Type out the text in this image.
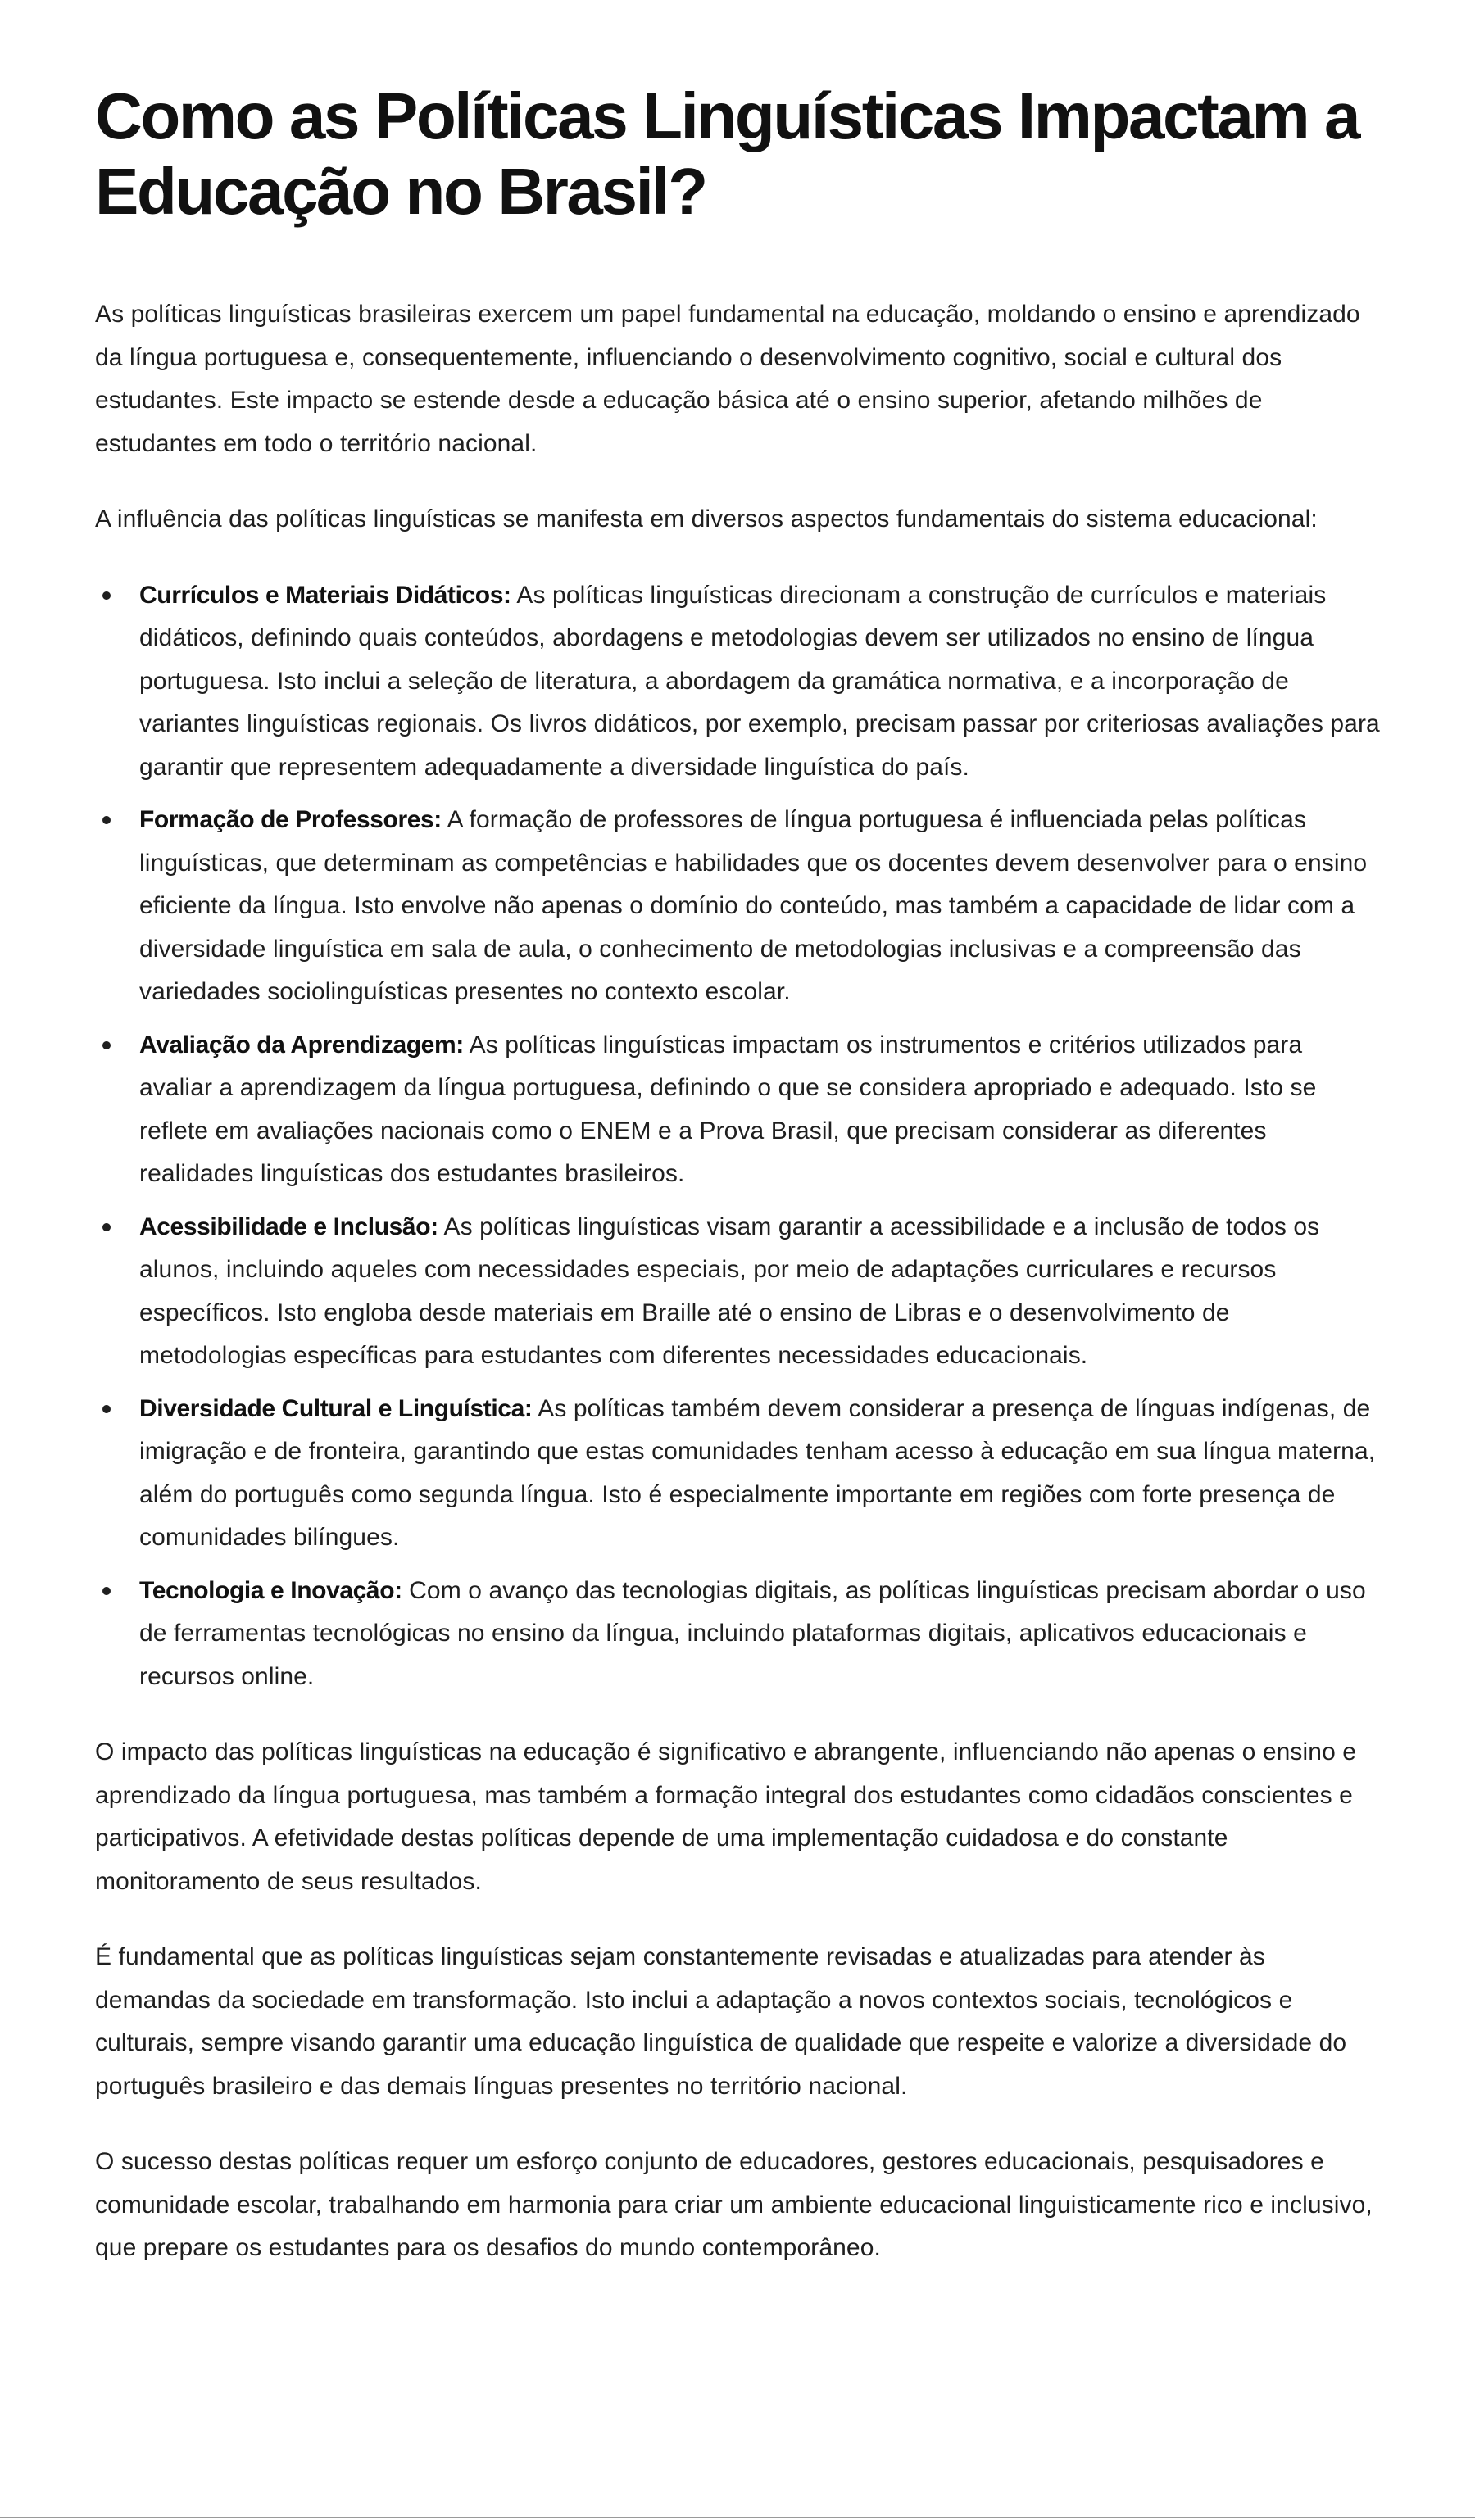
Como as Políticas Linguísticas Impactam a Educação no Brasil?

As políticas linguísticas brasileiras exercem um papel fundamental na educação, moldando o ensino e aprendizado da língua portuguesa e, consequentemente, influenciando o desenvolvimento cognitivo, social e cultural dos estudantes. Este impacto se estende desde a educação básica até o ensino superior, afetando milhões de estudantes em todo o território nacional.

A influência das políticas linguísticas se manifesta em diversos aspectos fundamentais do sistema educacional:

Currículos e Materiais Didáticos: As políticas linguísticas direcionam a construção de currículos e materiais didáticos, definindo quais conteúdos, abordagens e metodologias devem ser utilizados no ensino de língua portuguesa. Isto inclui a seleção de literatura, a abordagem da gramática normativa, e a incorporação de variantes linguísticas regionais. Os livros didáticos, por exemplo, precisam passar por criteriosas avaliações para garantir que representem adequadamente a diversidade linguística do país.
Formação de Professores: A formação de professores de língua portuguesa é influenciada pelas políticas linguísticas, que determinam as competências e habilidades que os docentes devem desenvolver para o ensino eficiente da língua. Isto envolve não apenas o domínio do conteúdo, mas também a capacidade de lidar com a diversidade linguística em sala de aula, o conhecimento de metodologias inclusivas e a compreensão das variedades sociolinguísticas presentes no contexto escolar.
Avaliação da Aprendizagem: As políticas linguísticas impactam os instrumentos e critérios utilizados para avaliar a aprendizagem da língua portuguesa, definindo o que se considera apropriado e adequado. Isto se reflete em avaliações nacionais como o ENEM e a Prova Brasil, que precisam considerar as diferentes realidades linguísticas dos estudantes brasileiros.
Acessibilidade e Inclusão: As políticas linguísticas visam garantir a acessibilidade e a inclusão de todos os alunos, incluindo aqueles com necessidades especiais, por meio de adaptações curriculares e recursos específicos. Isto engloba desde materiais em Braille até o ensino de Libras e o desenvolvimento de metodologias específicas para estudantes com diferentes necessidades educacionais.
Diversidade Cultural e Linguística: As políticas também devem considerar a presença de línguas indígenas, de imigração e de fronteira, garantindo que estas comunidades tenham acesso à educação em sua língua materna, além do português como segunda língua. Isto é especialmente importante em regiões com forte presença de comunidades bilíngues.
Tecnologia e Inovação: Com o avanço das tecnologias digitais, as políticas linguísticas precisam abordar o uso de ferramentas tecnológicas no ensino da língua, incluindo plataformas digitais, aplicativos educacionais e recursos online.

O impacto das políticas linguísticas na educação é significativo e abrangente, influenciando não apenas o ensino e aprendizado da língua portuguesa, mas também a formação integral dos estudantes como cidadãos conscientes e participativos. A efetividade destas políticas depende de uma implementação cuidadosa e do constante monitoramento de seus resultados.

É fundamental que as políticas linguísticas sejam constantemente revisadas e atualizadas para atender às demandas da sociedade em transformação. Isto inclui a adaptação a novos contextos sociais, tecnológicos e culturais, sempre visando garantir uma educação linguística de qualidade que respeite e valorize a diversidade do português brasileiro e das demais línguas presentes no território nacional.

O sucesso destas políticas requer um esforço conjunto de educadores, gestores educacionais, pesquisadores e comunidade escolar, trabalhando em harmonia para criar um ambiente educacional linguisticamente rico e inclusivo, que prepare os estudantes para os desafios do mundo contemporâneo.
